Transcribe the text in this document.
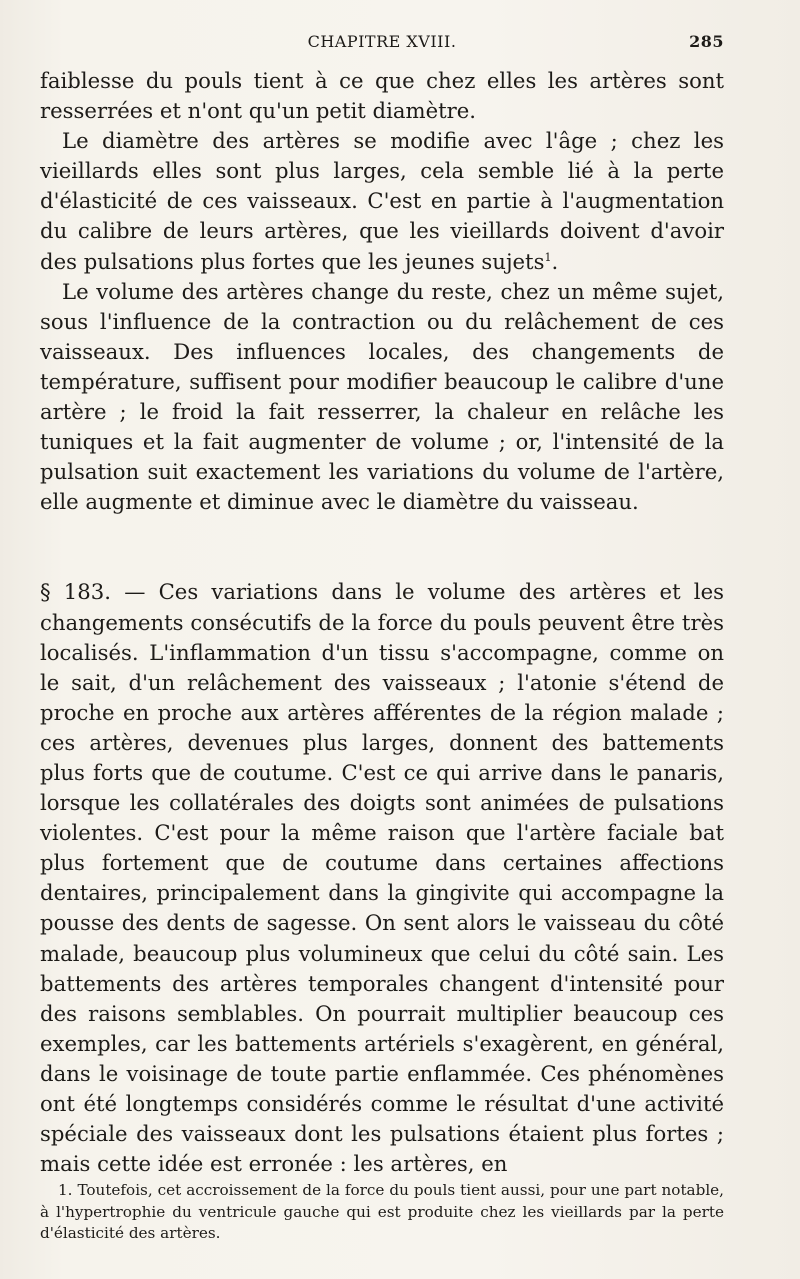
CHAPITRE XVIII.	285

faiblesse du pouls tient à ce que chez elles les artères sont resserrées et n'ont qu'un petit diamètre.

Le diamètre des artères se modifie avec l'âge ; chez les vieillards elles sont plus larges, cela semble lié à la perte d'élasticité de ces vaisseaux. C'est en partie à l'augmentation du calibre de leurs artères, que les vieillards doivent d'avoir des pulsations plus fortes que les jeunes sujets$^1$.

Le volume des artères change du reste, chez un même sujet, sous l'influence de la contraction ou du relâchement de ces vaisseaux. Des influences locales, des changements de température, suffisent pour modifier beaucoup le calibre d'une artère ; le froid la fait resserrer, la chaleur en relâche les tuniques et la fait augmenter de volume ; or, l'intensité de la pulsation suit exactement les variations du volume de l'artère, elle augmente et diminue avec le diamètre du vaisseau.

§ 183. — Ces variations dans le volume des artères et les changements consécutifs de la force du pouls peuvent être très localisés. L'inflammation d'un tissu s'accompagne, comme on le sait, d'un relâchement des vaisseaux ; l'atonie s'étend de proche en proche aux artères afférentes de la région malade ; ces artères, devenues plus larges, donnent des battements plus forts que de coutume. C'est ce qui arrive dans le panaris, lorsque les collatérales des doigts sont animées de pulsations violentes. C'est pour la même raison que l'artère faciale bat plus fortement que de coutume dans certaines affections dentaires, principalement dans la gingivite qui accompagne la pousse des dents de sagesse. On sent alors le vaisseau du côté malade, beaucoup plus volumineux que celui du côté sain. Les battements des artères temporales changent d'intensité pour des raisons semblables. On pourrait multiplier beaucoup ces exemples, car les battements artériels s'exagèrent, en général, dans le voisinage de toute partie enflammée. Ces phénomènes ont été longtemps considérés comme le résultat d'une activité spéciale des vaisseaux dont les pulsations étaient plus fortes ; mais cette idée est erronée : les artères, en

1. Toutefois, cet accroissement de la force du pouls tient aussi, pour une part notable, à l'hypertrophie du ventricule gauche qui est produite chez les vieillards par la perte d'élasticité des artères.
